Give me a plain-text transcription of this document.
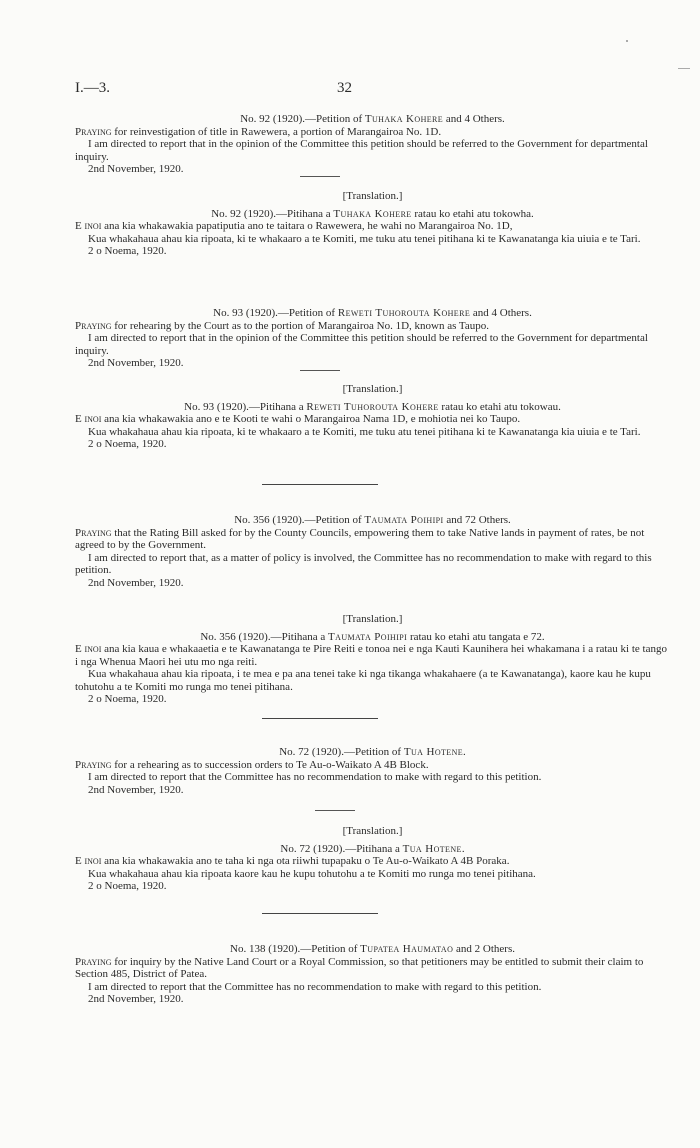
I.—3.	32

No. 92 (1920).—Petition of Tuhaka Kohere and 4 Others.

Praying for reinvestigation of title in Rawewera, a portion of Marangairoa No. 1D.

I am directed to report that in the opinion of the Committee this petition should be referred to the Government for departmental inquiry.

2nd November, 1920.

[Translation.]

No. 92 (1920).—Pitihana a Tuhaka Kohere ratau ko etahi atu tokowha.

E inoi ana kia whakawakia papatiputia ano te taitara o Rawewera, he wahi no Marangairoa No. 1D,

Kua whakahaua ahau kia ripoata, ki te whakaaro a te Komiti, me tuku atu tenei pitihana ki te Kawanatanga kia uiuia e te Tari.

2 o Noema, 1920.

No. 93 (1920).—Petition of Reweti Tuhorouta Kohere and 4 Others.

Praying for rehearing by the Court as to the portion of Marangairoa No. 1D, known as Taupo.

I am directed to report that in the opinion of the Committee this petition should be referred to the Government for departmental inquiry.

2nd November, 1920.

[Translation.]

No. 93 (1920).—Pitihana a Reweti Tuhorouta Kohere ratau ko etahi atu tokowau.

E inoi ana kia whakawakia ano e te Kooti te wahi o Marangairoa Nama 1D, e mohiotia nei ko Taupo.

Kua whakahaua ahau kia ripoata, ki te whakaaro a te Komiti, me tuku atu tenei pitihana ki te Kawanatanga kia uiuia e te Tari.

2 o Noema, 1920.

No. 356 (1920).—Petition of Taumata Poihipi and 72 Others.

Praying that the Rating Bill asked for by the County Councils, empowering them to take Native lands in payment of rates, be not agreed to by the Government.

I am directed to report that, as a matter of policy is involved, the Committee has no recommendation to make with regard to this petition.

2nd November, 1920.

[Translation.]

No. 356 (1920).—Pitihana a Taumata Poihipi ratau ko etahi atu tangata e 72.

E inoi ana kia kaua e whakaaetia e te Kawanatanga te Pire Reiti e tonoa nei e nga Kauti Kaunihera hei whakamana i a ratau ki te tango i nga Whenua Maori hei utu mo nga reiti.

Kua whakahaua ahau kia ripoata, i te mea e pa ana tenei take ki nga tikanga whakahaere (a te Kawanatanga), kaore kau he kupu tohutohu a te Komiti mo runga mo tenei pitihana.

2 o Noema, 1920.

No. 72 (1920).—Petition of Tua Hotene.

Praying for a rehearing as to succession orders to Te Au-o-Waikato A 4B Block.

I am directed to report that the Committee has no recommendation to make with regard to this petition.

2nd November, 1920.

[Translation.]

No. 72 (1920).—Pitihana a Tua Hotene.

E inoi ana kia whakawakia ano te taha ki nga ota riiwhi tupapaku o Te Au-o-Waikato A 4B Poraka.

Kua whakahaua ahau kia ripoata kaore kau he kupu tohutohu a te Komiti mo runga mo tenei pitihana.

2 o Noema, 1920.

No. 138 (1920).—Petition of Tupatea Haumatao and 2 Others.

Praying for inquiry by the Native Land Court or a Royal Commission, so that petitioners may be entitled to submit their claim to Section 485, District of Patea.

I am directed to report that the Committee has no recommendation to make with regard to this petition.

2nd November, 1920.
